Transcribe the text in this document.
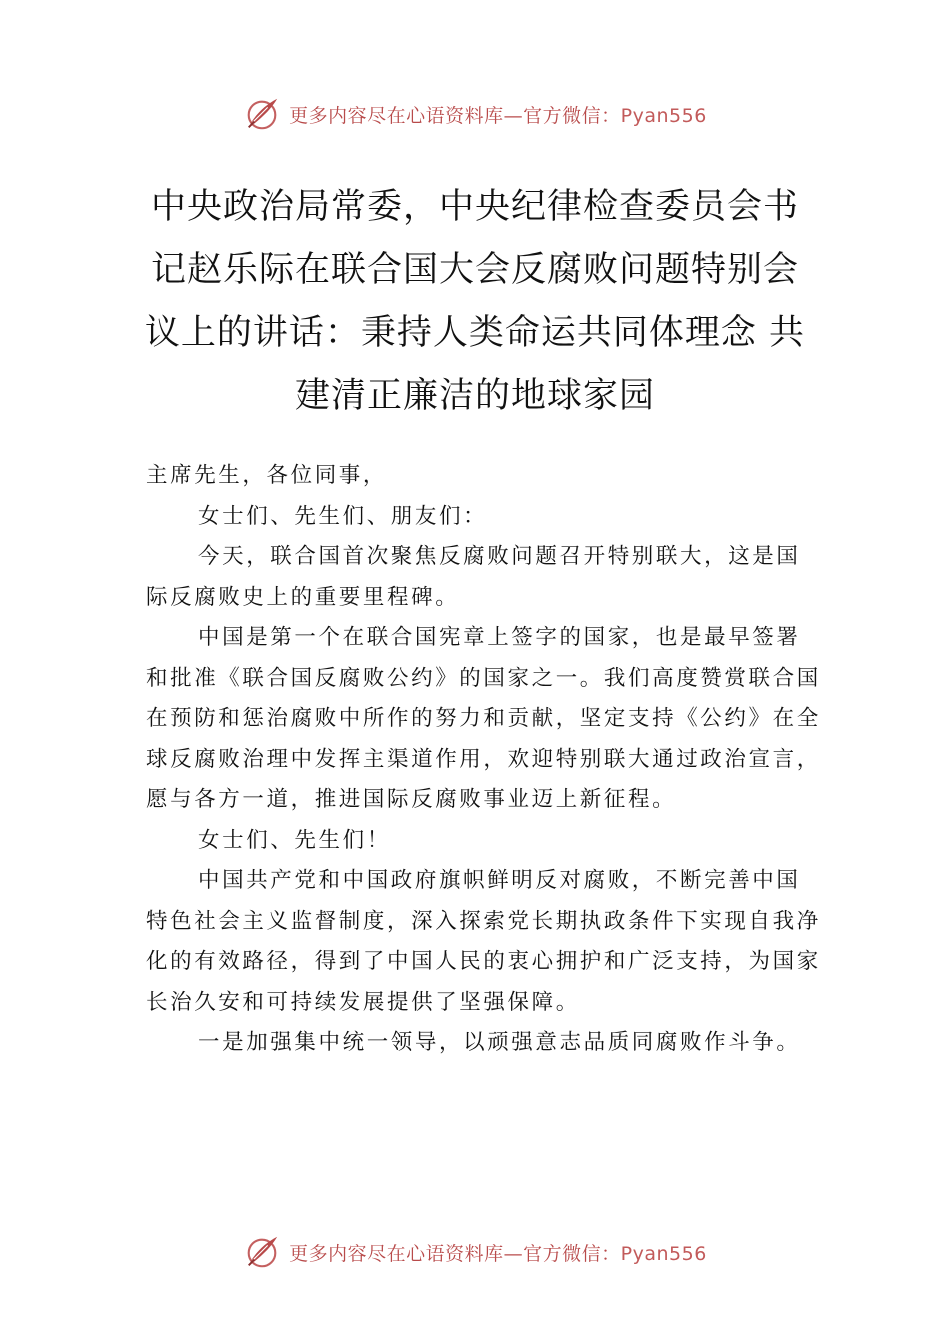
更多内容尽在心语资料库—官方微信：Pyan556
中央政治局常委，中央纪律检查委员会书记赵乐际在联合国大会反腐败问题特别会议上的讲话：秉持人类命运共同体理念 共建清正廉洁的地球家园

主席先生，各位同事，

女士们、先生们、朋友们：

今天，联合国首次聚焦反腐败问题召开特别联大，这是国际反腐败史上的重要里程碑。

中国是第一个在联合国宪章上签字的国家，也是最早签署和批准《联合国反腐败公约》的国家之一。我们高度赞赏联合国在预防和惩治腐败中所作的努力和贡献，坚定支持《公约》在全球反腐败治理中发挥主渠道作用，欢迎特别联大通过政治宣言，愿与各方一道，推进国际反腐败事业迈上新征程。

女士们、先生们！

中国共产党和中国政府旗帜鲜明反对腐败，不断完善中国特色社会主义监督制度，深入探索党长期执政条件下实现自我净化的有效路径，得到了中国人民的衷心拥护和广泛支持，为国家长治久安和可持续发展提供了坚强保障。

一是加强集中统一领导，以顽强意志品质同腐败作斗争。

更多内容尽在心语资料库—官方微信：Pyan556
